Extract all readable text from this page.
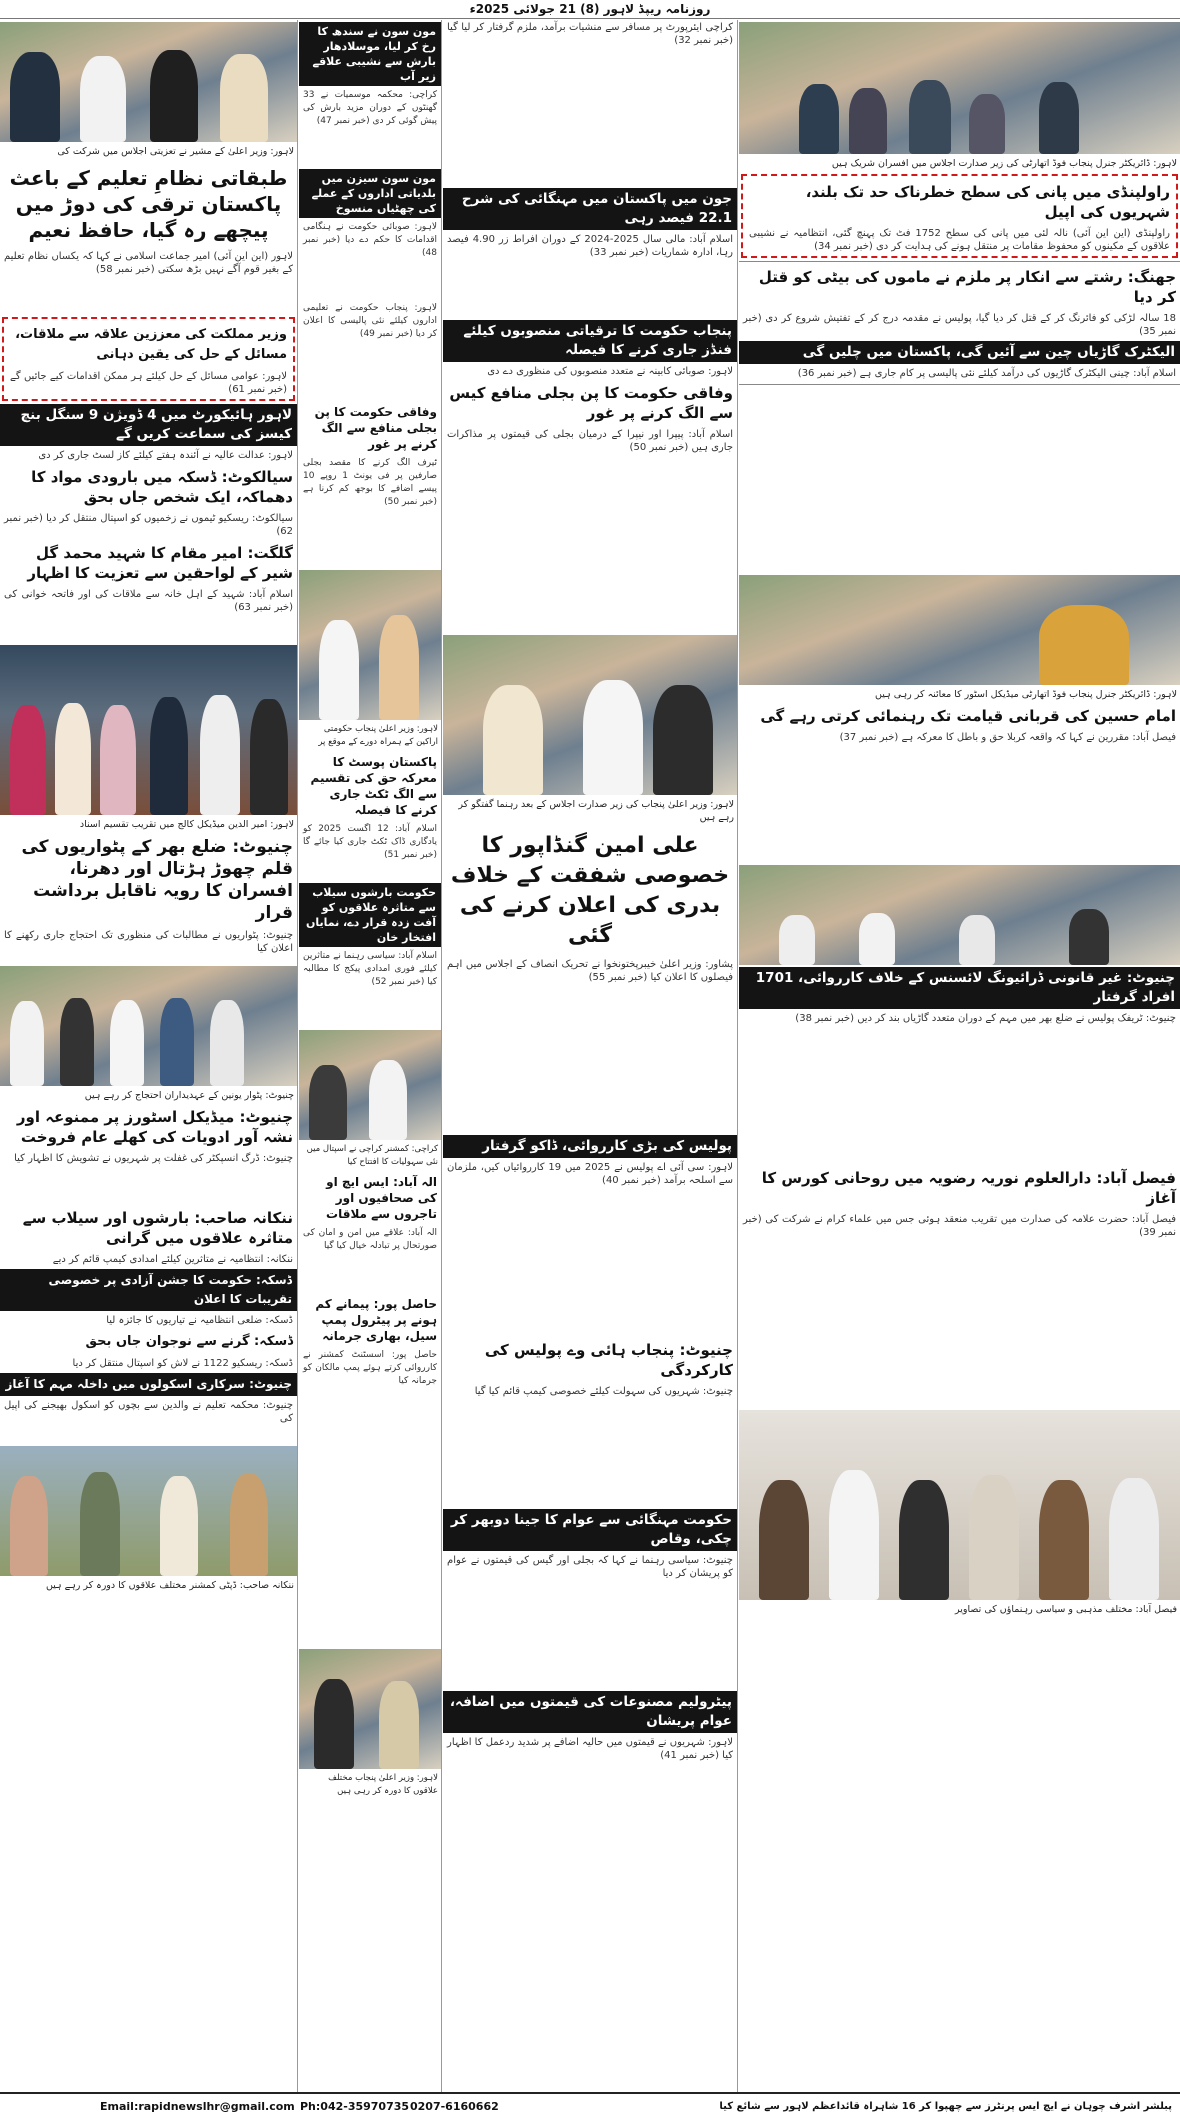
روزنامہ ریپڈ لاہور (8) 21 جولائی 2025ء
لاہور: ڈائریکٹر جنرل پنجاب فوڈ اتھارٹی کی زیر صدارت اجلاس میں افسران شریک ہیں
راولپنڈی میں پانی کی سطح خطرناک حد تک بلند، شہریوں کی اپیل
راولپنڈی (این این آئی) نالہ لئی میں پانی کی سطح 1752 فٹ تک پہنچ گئی، انتظامیہ نے نشیبی علاقوں کے مکینوں کو محفوظ مقامات پر منتقل ہونے کی ہدایت کر دی (خبر نمبر 34)
جھنگ: رشتے سے انکار پر ملزم نے ماموں کی بیٹی کو قتل کر دیا
18 سالہ لڑکی کو فائرنگ کر کے قتل کر دیا گیا، پولیس نے مقدمہ درج کر کے تفتیش شروع کر دی (خبر نمبر 35)
الیکٹرک گاڑیاں چین سے آئیں گی، پاکستان میں چلیں گی
اسلام آباد: چینی الیکٹرک گاڑیوں کی درآمد کیلئے نئی پالیسی پر کام جاری ہے (خبر نمبر 36)
لاہور: ڈائریکٹر جنرل پنجاب فوڈ اتھارٹی میڈیکل اسٹور کا معائنہ کر رہی ہیں
امام حسین کی قربانی قیامت تک رہنمائی کرتی رہے گی
فیصل آباد: مقررین نے کہا کہ واقعہ کربلا حق و باطل کا معرکہ ہے (خبر نمبر 37)
چنیوٹ: غیر قانونی ڈرائیونگ لائسنس کے خلاف کارروائی، 1701 افراد گرفتار
چنیوٹ: ٹریفک پولیس نے ضلع بھر میں مہم کے دوران متعدد گاڑیاں بند کر دیں (خبر نمبر 38)
فیصل آباد: دارالعلوم نوریہ رضویہ میں روحانی کورس کا آغاز
فیصل آباد: حضرت علامہ کی صدارت میں تقریب منعقد ہوئی جس میں علماء کرام نے شرکت کی (خبر نمبر 39)
فیصل آباد: مختلف مذہبی و سیاسی رہنماؤں کی تصاویر
کراچی ایئرپورٹ پر مسافر سے منشیات برآمد، ملزم گرفتار کر لیا گیا (خبر نمبر 32)
جون میں پاکستان میں مہنگائی کی شرح 22.1 فیصد رہی
اسلام آباد: مالی سال 2025-2024 کے دوران افراط زر 4.90 فیصد رہا، ادارہ شماریات (خبر نمبر 33)
پنجاب حکومت کا ترقیاتی منصوبوں کیلئے فنڈز جاری کرنے کا فیصلہ
لاہور: صوبائی کابینہ نے متعدد منصوبوں کی منظوری دے دی
وفاقی حکومت کا پن بجلی منافع کیس سے الگ کرنے پر غور
اسلام آباد: پیپرا اور نیپرا کے درمیان بجلی کی قیمتوں پر مذاکرات جاری ہیں (خبر نمبر 50)
لاہور: وزیر اعلیٰ پنجاب کی زیر صدارت اجلاس کے بعد رہنما گفتگو کر رہے ہیں
علی امین گنڈاپور کا خصوصی شفقت کے خلاف بدری کی اعلان کرنے کی گئی
پشاور: وزیر اعلیٰ خیبرپختونخوا نے تحریک انصاف کے اجلاس میں اہم فیصلوں کا اعلان کیا (خبر نمبر 55)
پولیس کی بڑی کارروائی، ڈاکو گرفتار
لاہور: سی آئی اے پولیس نے 2025 میں 19 کارروائیاں کیں، ملزمان سے اسلحہ برآمد (خبر نمبر 40)
چنیوٹ: پنجاب ہائی وے پولیس کی کارکردگی
چنیوٹ: شہریوں کی سہولت کیلئے خصوصی کیمپ قائم کیا گیا
حکومت مہنگائی سے عوام کا جینا دوبھر کر چکی، وقاص
چنیوٹ: سیاسی رہنما نے کہا کہ بجلی اور گیس کی قیمتوں نے عوام کو پریشان کر دیا
پیٹرولیم مصنوعات کی قیمتوں میں اضافہ، عوام پریشان
لاہور: شہریوں نے قیمتوں میں حالیہ اضافے پر شدید ردعمل کا اظہار کیا (خبر نمبر 41)
مون سون نے سندھ کا رخ کر لیا، موسلادھار بارش سے نشیبی علاقے زیر آب
کراچی: محکمہ موسمیات نے 33 گھنٹوں کے دوران مزید بارش کی پیش گوئی کر دی (خبر نمبر 47)
مون سون سیزن میں بلدیاتی اداروں کے عملے کی چھٹیاں منسوخ
لاہور: صوبائی حکومت نے ہنگامی اقدامات کا حکم دے دیا (خبر نمبر 48)
لاہور: پنجاب حکومت نے تعلیمی اداروں کیلئے نئی پالیسی کا اعلان کر دیا (خبر نمبر 49)
وفاقی حکومت کا پن بجلی منافع سے الگ کرنے پر غور
ٹیرف الگ کرنے کا مقصد بجلی صارفین پر فی یونٹ 1 روپے 10 پیسے اضافے کا بوجھ کم کرنا ہے (خبر نمبر 50)
لاہور: وزیر اعلیٰ پنجاب حکومتی اراکین کے ہمراہ دورے کے موقع پر
پاکستان پوسٹ کا معرکہ حق کی تقسیم سے الگ ٹکٹ جاری کرنے کا فیصلہ
اسلام آباد: 12 اگست 2025 کو یادگاری ڈاک ٹکٹ جاری کیا جائے گا (خبر نمبر 51)
حکومت بارشوں سیلاب سے متاثرہ علاقوں کو آفت زدہ قرار دے، نمایاں افتخار خان
اسلام آباد: سیاسی رہنما نے متاثرین کیلئے فوری امدادی پیکج کا مطالبہ کیا (خبر نمبر 52)
کراچی: کمشنر کراچی نے اسپتال میں نئی سہولیات کا افتتاح کیا
الہ آباد: ایس ایچ او کی صحافیوں اور تاجروں سے ملاقات
الہ آباد: علاقے میں امن و امان کی صورتحال پر تبادلہ خیال کیا گیا
حاصل پور: پیمانے کم ہونے پر پیٹرول پمپ سیل، بھاری جرمانہ
حاصل پور: اسسٹنٹ کمشنر نے کارروائی کرتے ہوئے پمپ مالکان کو جرمانہ کیا
لاہور: وزیر اعلیٰ پنجاب مختلف علاقوں کا دورہ کر رہی ہیں
لاہور: وزیر اعلیٰ کے مشیر نے تعزیتی اجلاس میں شرکت کی
طبقاتی نظامِ تعلیم کے باعث پاکستان ترقی کی دوڑ میں پیچھے رہ گیا، حافظ نعیم
لاہور (این این آئی) امیر جماعت اسلامی نے کہا کہ یکساں نظام تعلیم کے بغیر قوم آگے نہیں بڑھ سکتی (خبر نمبر 58)
وزیر مملکت کی معززین علاقہ سے ملاقات، مسائل کے حل کی یقین دہانی
لاہور: عوامی مسائل کے حل کیلئے ہر ممکن اقدامات کیے جائیں گے (خبر نمبر 61)
لاہور ہائیکورٹ میں 4 ڈویژن 9 سنگل بنچ کیسز کی سماعت کریں گے
لاہور: عدالت عالیہ نے آئندہ ہفتے کیلئے کاز لسٹ جاری کر دی
سیالکوٹ: ڈسکہ میں بارودی مواد کا دھماکہ، ایک شخص جاں بحق
سیالکوٹ: ریسکیو ٹیموں نے زخمیوں کو اسپتال منتقل کر دیا (خبر نمبر 62)
گلگت: امیر مقام کا شہید محمد گل شیر کے لواحقین سے تعزیت کا اظہار
اسلام آباد: شہید کے اہل خانہ سے ملاقات کی اور فاتحہ خوانی کی (خبر نمبر 63)
لاہور: امیر الدین میڈیکل کالج میں تقریب تقسیم اسناد
چنیوٹ: ضلع بھر کے پٹواریوں کی قلم چھوڑ ہڑتال اور دھرنا، افسران کا رویہ ناقابل برداشت قرار
چنیوٹ: پٹواریوں نے مطالبات کی منظوری تک احتجاج جاری رکھنے کا اعلان کیا
چنیوٹ: پٹوار یونین کے عہدیداران احتجاج کر رہے ہیں
چنیوٹ: میڈیکل اسٹورز پر ممنوعہ اور نشہ آور ادویات کی کھلے عام فروخت
چنیوٹ: ڈرگ انسپکٹر کی غفلت پر شہریوں نے تشویش کا اظہار کیا
ننکانہ صاحب: بارشوں اور سیلاب سے متاثرہ علاقوں میں گرانی
ننکانہ: انتظامیہ نے متاثرین کیلئے امدادی کیمپ قائم کر دیے
ڈسکہ: حکومت کا جشن آزادی پر خصوصی تقریبات کا اعلان
ڈسکہ: ضلعی انتظامیہ نے تیاریوں کا جائزہ لیا
ڈسکہ: گرنے سے نوجوان جاں بحق
ڈسکہ: ریسکیو 1122 نے لاش کو اسپتال منتقل کر دیا
چنیوٹ: سرکاری اسکولوں میں داخلہ مہم کا آغاز
چنیوٹ: محکمہ تعلیم نے والدین سے بچوں کو اسکول بھیجنے کی اپیل کی
ننکانہ صاحب: ڈپٹی کمشنر مختلف علاقوں کا دورہ کر رہے ہیں
Email:rapidnewslhr@gmail.com Ph:042-35970735 0207-6160662	پبلشر اشرف چوہان نے ایچ ایس پرنٹرز سے چھپوا کر 16 شاہراہ قائداعظم لاہور سے شائع کیا
